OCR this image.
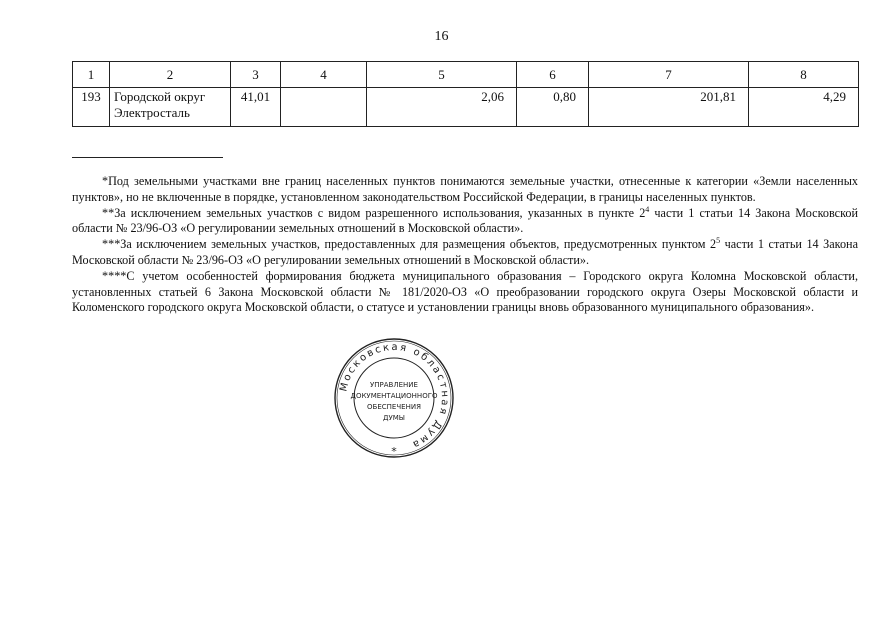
16
1	2	3	4	5	6	7	8
193	Городской округ
Электросталь	41,01		2,06	0,80	201,81	4,29

*Под земельными участками вне границ населенных пунктов понимаются земельные участки, отнесенные к категории «Земли населенных пунктов», но не включенные в порядке, установленном законодательством Российской Федерации, в границы населенных пунктов.

**За исключением земельных участков с видом разрешенного использования, указанных в пункте $2^4$ части 1 статьи 14 Закона Московской области № 23/96-ОЗ «О регулировании земельных отношений в Московской области».

***За исключением земельных участков, предоставленных для размещения объектов, предусмотренных пунктом $2^5$ части 1 статьи 14 Закона Московской области № 23/96-ОЗ «О регулировании земельных отношений в Московской области».

****С учетом особенностей формирования бюджета муниципального образования – Городского округа Коломна Московской области, установленных статьей 6 Закона Московской области № 181/2020-ОЗ «О преобразовании городского округа Озеры Московской области и Коломенского городского округа Московской области, о статусе и установлении границы вновь образованного муниципального образования».

Московская областная Дума
УПРАВЛЕНИЕ
ДОКУМЕНТАЦИОННОГО
ОБЕСПЕЧЕНИЯ
ДУМЫ
*
